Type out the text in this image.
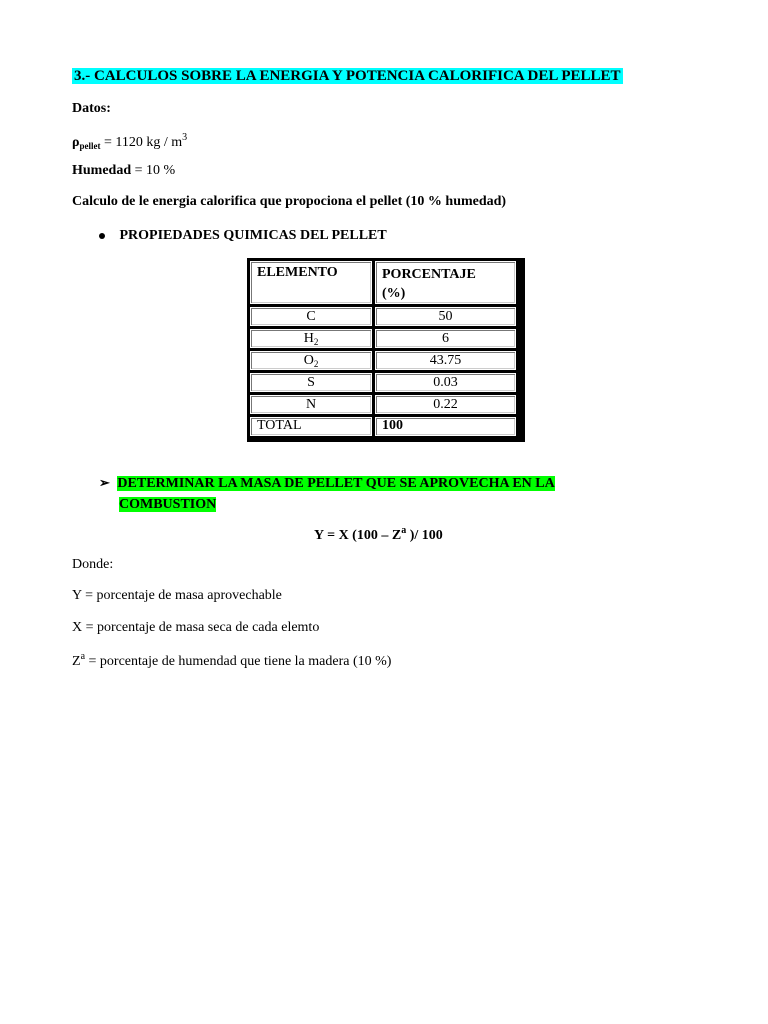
3.- CALCULOS SOBRE LA ENERGIA Y POTENCIA CALORIFICA DEL PELLET
Datos:
$\rho_{pellet} = 1120$ kg / $m^3$
Humedad = 10 %
Calculo de le energia calorifica que propociona el pellet (10 % humedad)
PROPIEDADES QUIMICAS DEL PELLET
ELEMENTO	PORCENTAJE
(%)
C	50
$H_2$	6
$O_2$	43.75
S	0.03
N	0.22
TOTAL	100
➢ DETERMINAR LA MASA DE PELLET QUE SE APROVECHA EN LA
COMBUSTION
Y = X ($100 - Z^a$ )/ 100
Donde:
Y = porcentaje de masa aprovechable
X = porcentaje de masa seca de cada elemto
$Z^a$ = porcentaje de humendad que tiene la madera (10 %)
